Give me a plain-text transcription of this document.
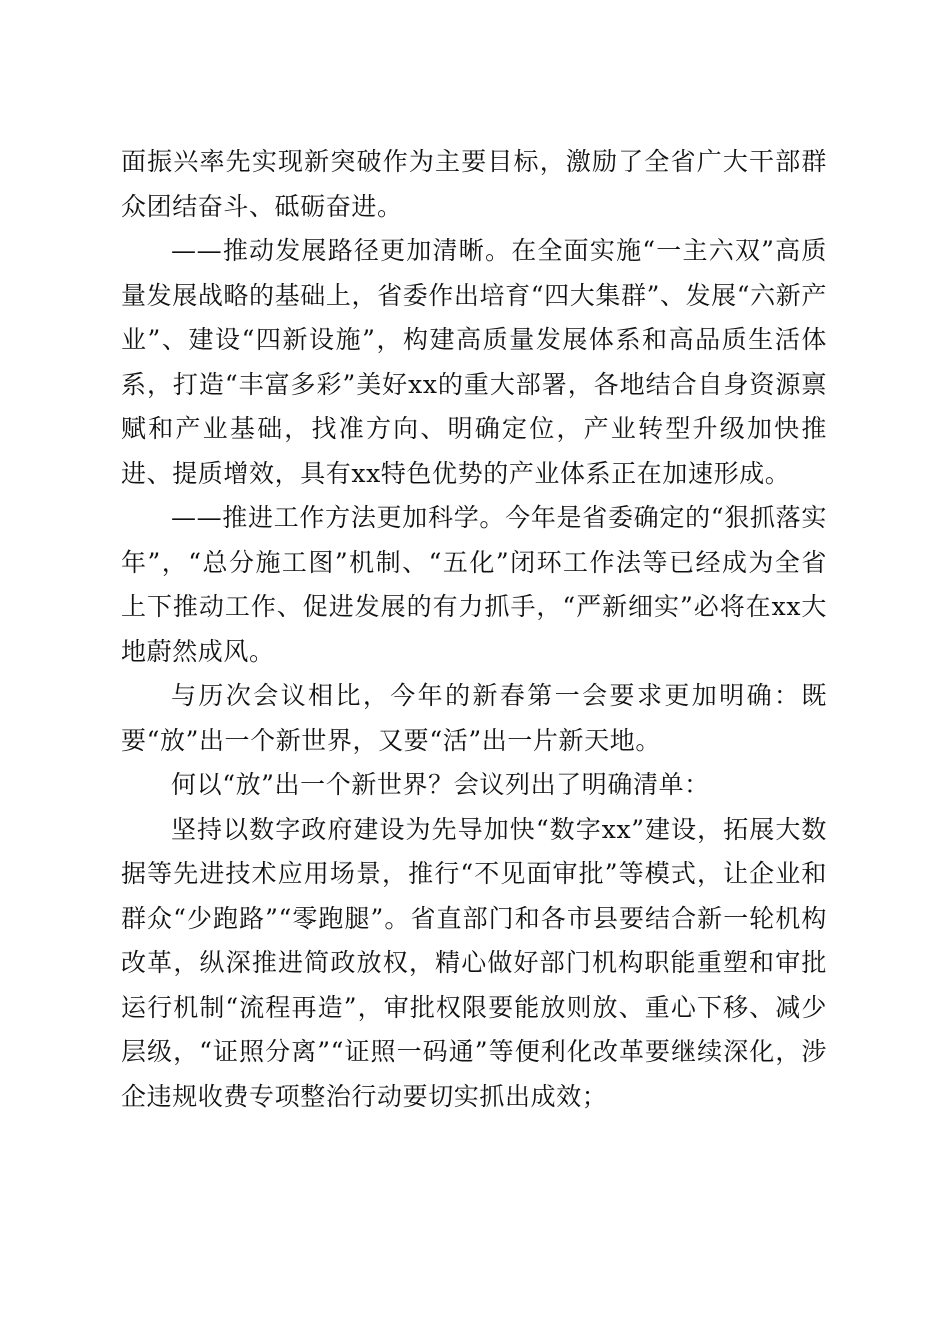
面振兴率先实现新突破作为主要目标，激励了全省广大干部群众团结奋斗、砥砺奋进。

——推动发展路径更加清晰。在全面实施“一主六双”高质量发展战略的基础上，省委作出培育“四大集群”、发展“六新产业”、建设“四新设施”，构建高质量发展体系和高品质生活体系，打造“丰富多彩”美好xx的重大部署，各地结合自身资源禀赋和产业基础，找准方向、明确定位，产业转型升级加快推进、提质增效，具有xx特色优势的产业体系正在加速形成。

——推进工作方法更加科学。今年是省委确定的“狠抓落实年”，“总分施工图”机制、“五化”闭环工作法等已经成为全省上下推动工作、促进发展的有力抓手，“严新细实”必将在xx大地蔚然成风。

与历次会议相比，今年的新春第一会要求更加明确：既要“放”出一个新世界，又要“活”出一片新天地。

何以“放”出一个新世界？会议列出了明确清单：

坚持以数字政府建设为先导加快“数字xx”建设，拓展大数据等先进技术应用场景，推行“不见面审批”等模式，让企业和群众“少跑路”“零跑腿”。省直部门和各市县要结合新一轮机构改革，纵深推进简政放权，精心做好部门机构职能重塑和审批运行机制“流程再造”，审批权限要能放则放、重心下移、减少层级，“证照分离”“证照一码通”等便利化改革要继续深化，涉企违规收费专项整治行动要切实抓出成效；
